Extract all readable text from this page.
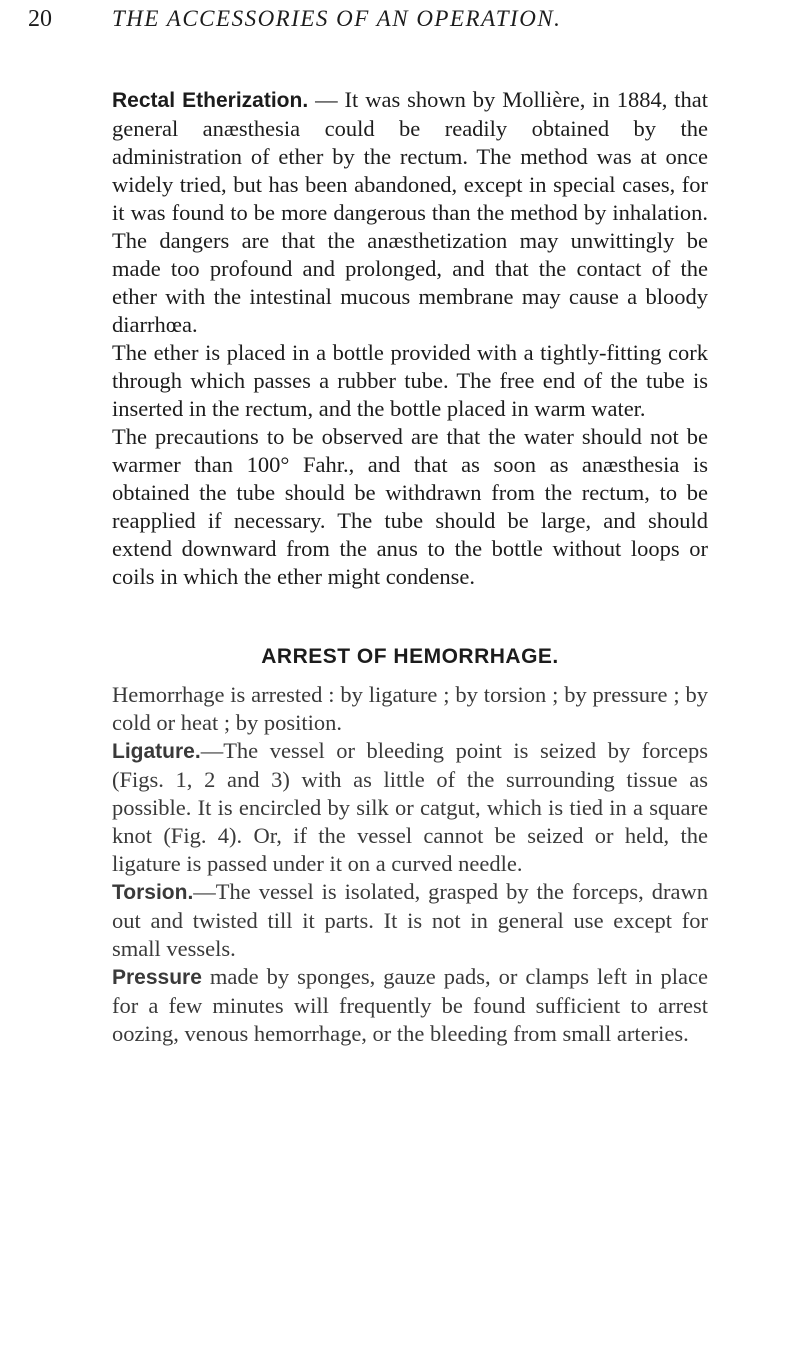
20	THE ACCESSORIES OF AN OPERATION.

Rectal Etherization. — It was shown by Mollière, in 1884, that general anæsthesia could be readily obtained by the administration of ether by the rectum. The method was at once widely tried, but has been abandoned, except in special cases, for it was found to be more dangerous than the method by inhalation. The dangers are that the anæsthetization may unwittingly be made too profound and prolonged, and that the contact of the ether with the intestinal mucous membrane may cause a bloody diarrhœa.

The ether is placed in a bottle provided with a tightly-fitting cork through which passes a rubber tube. The free end of the tube is inserted in the rectum, and the bottle placed in warm water.

The precautions to be observed are that the water should not be warmer than 100° Fahr., and that as soon as anæsthesia is obtained the tube should be withdrawn from the rectum, to be reapplied if necessary. The tube should be large, and should extend downward from the anus to the bottle without loops or coils in which the ether might condense.

ARREST OF HEMORRHAGE.

Hemorrhage is arrested : by ligature ; by torsion ; by pressure ; by cold or heat ; by position.

Ligature.—The vessel or bleeding point is seized by forceps (Figs. 1, 2 and 3) with as little of the surrounding tissue as possible. It is encircled by silk or catgut, which is tied in a square knot (Fig. 4). Or, if the vessel cannot be seized or held, the ligature is passed under it on a curved needle.

Torsion.—The vessel is isolated, grasped by the forceps, drawn out and twisted till it parts. It is not in general use except for small vessels.

Pressure made by sponges, gauze pads, or clamps left in place for a few minutes will frequently be found sufficient to arrest oozing, venous hemorrhage, or the bleeding from small arteries.
